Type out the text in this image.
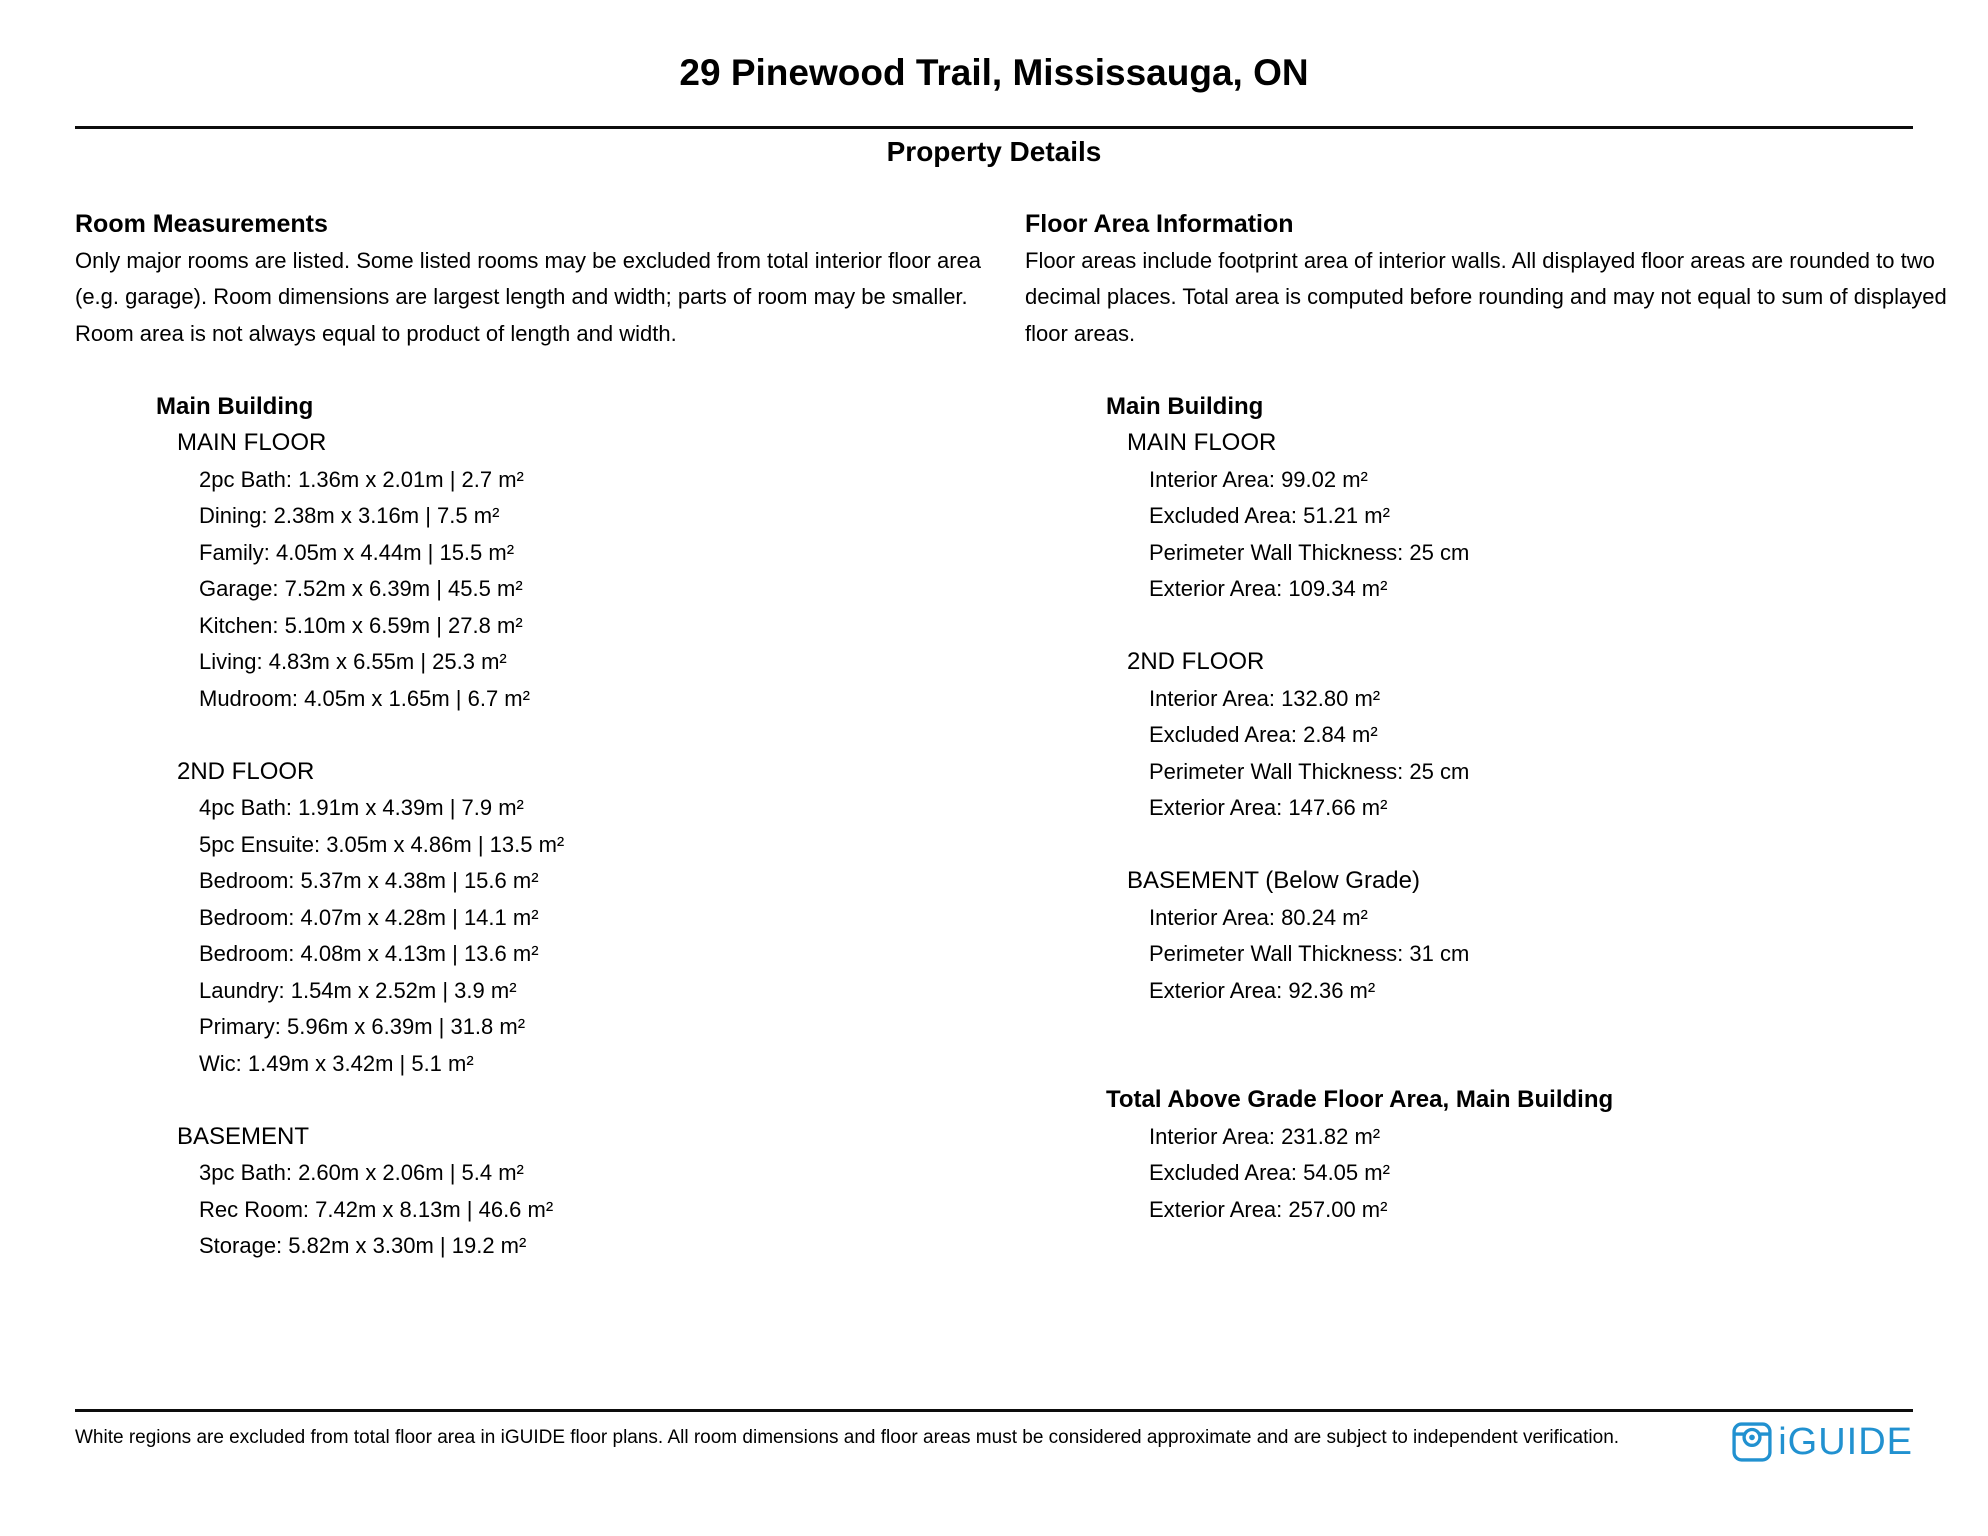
29 Pinewood Trail, Mississauga, ON
Property Details
Room Measurements
Only major rooms are listed. Some listed rooms may be excluded from total interior floor area
(e.g. garage). Room dimensions are largest length and width; parts of room may be smaller.
Room area is not always equal to product of length and width.
Main Building
MAIN FLOOR
2pc Bath: 1.36m x 2.01m | 2.7 m²
Dining: 2.38m x 3.16m | 7.5 m²
Family: 4.05m x 4.44m | 15.5 m²
Garage: 7.52m x 6.39m | 45.5 m²
Kitchen: 5.10m x 6.59m | 27.8 m²
Living: 4.83m x 6.55m | 25.3 m²
Mudroom: 4.05m x 1.65m | 6.7 m²
2ND FLOOR
4pc Bath: 1.91m x 4.39m | 7.9 m²
5pc Ensuite: 3.05m x 4.86m | 13.5 m²
Bedroom: 5.37m x 4.38m | 15.6 m²
Bedroom: 4.07m x 4.28m | 14.1 m²
Bedroom: 4.08m x 4.13m | 13.6 m²
Laundry: 1.54m x 2.52m | 3.9 m²
Primary: 5.96m x 6.39m | 31.8 m²
Wic: 1.49m x 3.42m | 5.1 m²
BASEMENT
3pc Bath: 2.60m x 2.06m | 5.4 m²
Rec Room: 7.42m x 8.13m | 46.6 m²
Storage: 5.82m x 3.30m | 19.2 m²
Floor Area Information
Floor areas include footprint area of interior walls. All displayed floor areas are rounded to two
decimal places. Total area is computed before rounding and may not equal to sum of displayed
floor areas.
Main Building
MAIN FLOOR
Interior Area: 99.02 m²
Excluded Area: 51.21 m²
Perimeter Wall Thickness: 25 cm
Exterior Area: 109.34 m²
2ND FLOOR
Interior Area: 132.80 m²
Excluded Area: 2.84 m²
Perimeter Wall Thickness: 25 cm
Exterior Area: 147.66 m²
BASEMENT (Below Grade)
Interior Area: 80.24 m²
Perimeter Wall Thickness: 31 cm
Exterior Area: 92.36 m²
Total Above Grade Floor Area, Main Building
Interior Area: 231.82 m²
Excluded Area: 54.05 m²
Exterior Area: 257.00 m²
White regions are excluded from total floor area in iGUIDE floor plans. All room dimensions and floor areas must be considered approximate and are subject to independent verification.	iGUIDE
